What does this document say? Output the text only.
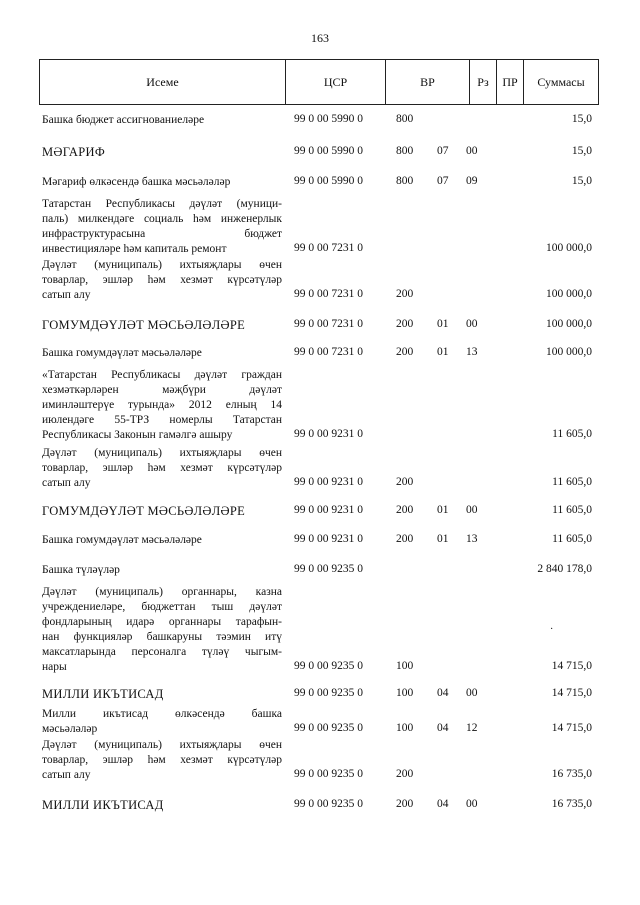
163
Исеме	ЦСР	ВР	Рз	ПР	Суммасы
Башка бюджет ассигнованиеләре	99 0 00 5990 0	800	15,0
МӘГАРИФ	99 0 00 5990 0	800 07 00	15,0
Мәгариф өлкәсендә башка мәсьәләләр	99 0 00 5990 0	800 07 09	15,0
Татарстан Республикасы дәүләт (муници-
паль) милкендәге социаль һәм инженерлык
инфраструктурасына бюджет
инвестицияләре һәм капиталь ремонт	99 0 00 7231 0	100 000,0
Дәүләт (муниципаль) ихтыяҗлары өчен
товарлар, эшләр һәм хезмәт күрсәтүләр
сатып алу	99 0 00 7231 0	200	100 000,0
ГОМУМДӘҮЛӘТ МӘСЬӘЛӘЛӘРЕ	99 0 00 7231 0	200 01 00	100 000,0
Башка гомумдәүләт мәсьәләләре	99 0 00 7231 0	200 01 13	100 000,0
«Татарстан Республикасы дәүләт граждан
хезмәткәрләрен мәҗбүри дәүләт
иминләштерүе турында» 2012 елның 14
июлендәге 55-ТРЗ номерлы Татарстан
Республикасы Законын гамәлгә ашыру	99 0 00 9231 0	11 605,0
Дәүләт (муниципаль) ихтыяҗлары өчен
товарлар, эшләр һәм хезмәт күрсәтүләр
сатып алу	99 0 00 9231 0	200	11 605,0
ГОМУМДӘҮЛӘТ МӘСЬӘЛӘЛӘРЕ	99 0 00 9231 0	200 01 00	11 605,0
Башка гомумдәүләт мәсьәләләре	99 0 00 9231 0	200 01 13	11 605,0
Башка түләүләр	99 0 00 9235 0	2 840 178,0
Дәүләт (муниципаль) органнары, казна
учреждениеләре, бюджеттан тыш дәүләт
фондларының идарә органнары тарафын-
нан функцияләр башкаруны тәэмин итү
максатларында персоналга түләү чыгым-
нары	99 0 00 9235 0	100	14 715,0
МИЛЛИ ИКЪТИСАД	99 0 00 9235 0	100 04 00	14 715,0
Милли икътисад өлкәсендә башка
мәсьәләләр	99 0 00 9235 0	100 04 12	14 715,0
Дәүләт (муниципаль) ихтыяҗлары өчен
товарлар, эшләр һәм хезмәт күрсәтүләр
сатып алу	99 0 00 9235 0	200	16 735,0
МИЛЛИ ИКЪТИСАД	99 0 00 9235 0	200 04 00	16 735,0
·
